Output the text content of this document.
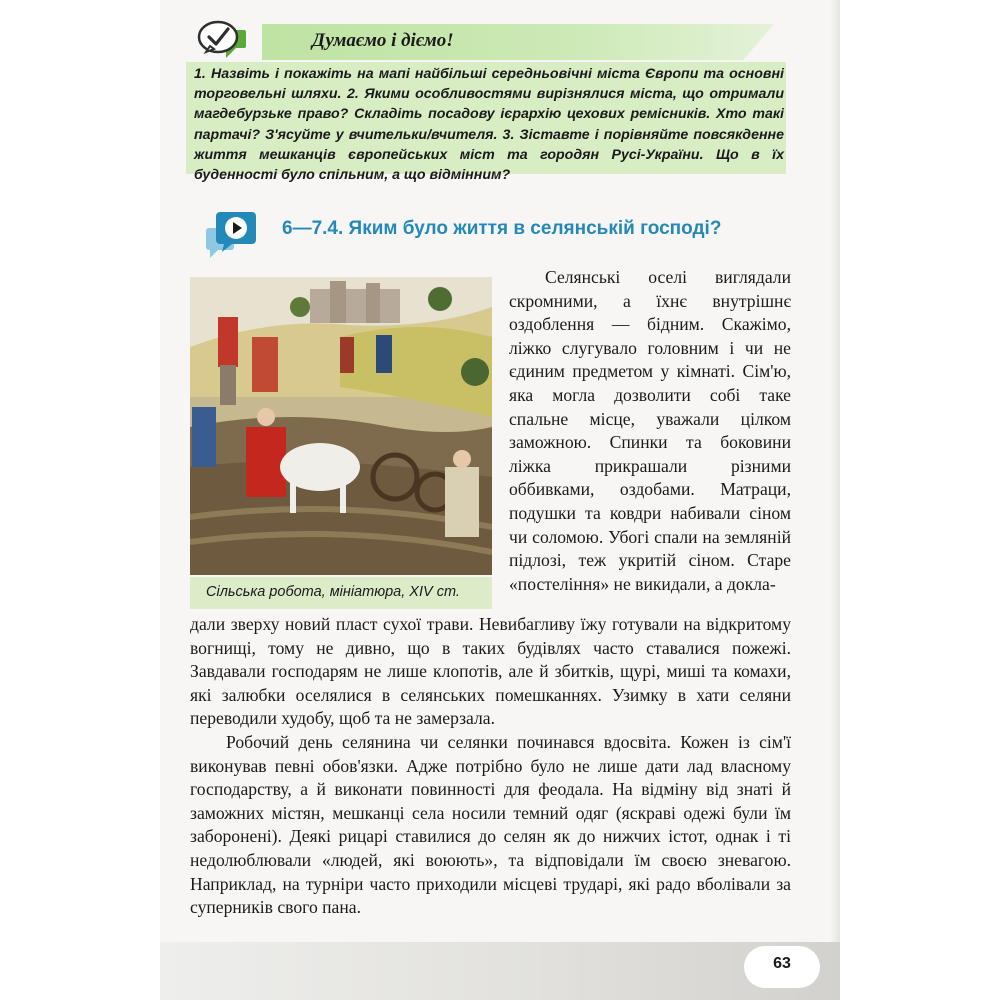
Думаємо і діємо!
1. Назвіть і покажіть на мапі найбільші середньовічні міста Європи та основні торговельні шляхи. 2. Якими особливостями вирізнялися міста, що отримали магдебурзьке право? Складіть посадову ієрархію цехових ремісників. Хто такі партачі? З'ясуйте у вчительки/вчителя. 3. Зіставте і порівняйте повсякденне життя мешканців європейських міст та городян Русі-України. Що в їх буденності було спільним, а що відмінним?
6—7.4. Яким було життя в селянській господі?
Сільська робота, мініатюра, XIV ст.

Селянські оселі виглядали скромними, а їхнє внутрішнє оздоблення — бідним. Скажімо, ліжко слугувало головним і чи не єдиним предметом у кімнаті. Сім'ю, яка могла дозволити собі таке спальне місце, уважали цілком заможною. Спинки та боковини ліжка прикрашали різними оббивками, оздобами. Матраци, подушки та ковдри набивали сіном чи соломою. Убогі спали на земляній підлозі, теж укритій сіном. Старе «постеління» не викидали, а докла-

дали зверху новий пласт сухої трави. Невибагливу їжу готували на відкритому вогнищі, тому не дивно, що в таких будівлях часто ставалися пожежі. Завдавали господарям не лише клопотів, але й збитків, щурі, миші та комахи, які залюбки оселялися в селянських помешканнях. Узимку в хати селяни переводили худобу, щоб та не замерзала.

Робочий день селянина чи селянки починався вдосвіта. Кожен із сім'ї виконував певні обов'язки. Адже потрібно було не лише дати лад власному господарству, а й виконати повинності для феодала. На відміну від знаті й заможних містян, мешканці села носили темний одяг (яскраві одежі були їм заборонені). Деякі рицарі ставилися до селян як до нижчих істот, однак і ті недолюблювали «людей, які воюють», та відповідали їм своєю зневагою. Наприклад, на турніри часто приходили місцеві трударі, які радо вболівали за суперників свого пана.

63
